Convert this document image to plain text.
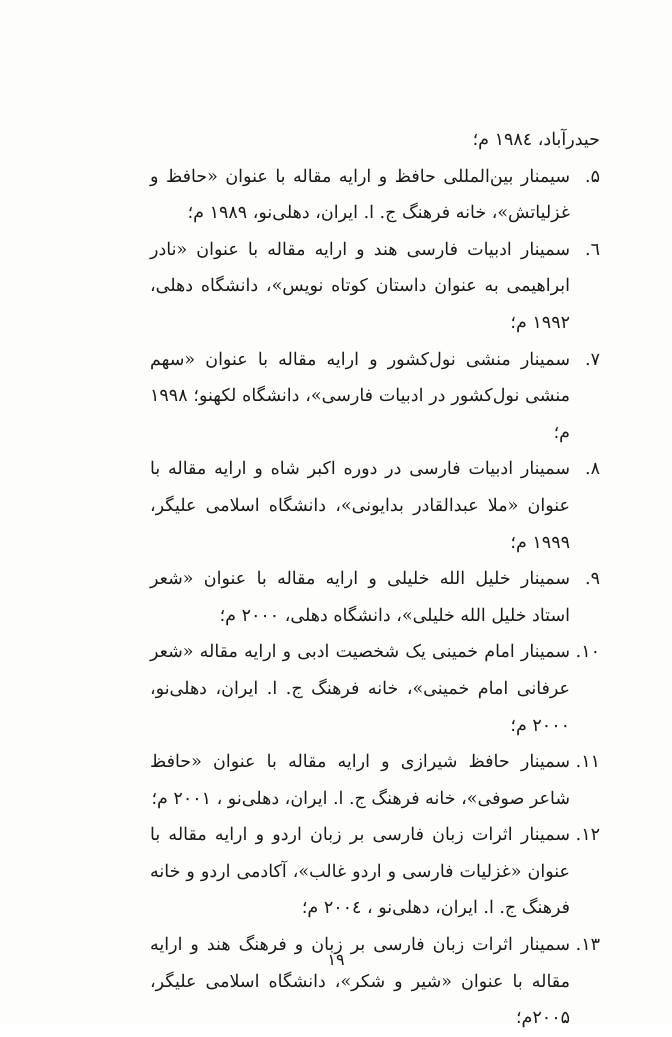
حیدرآباد، ۱۹۸٤ م؛

۵.

سیمنار بین‌المللی حافظ و ارایه مقاله با عنوان «حافظ و غزلیاتش»، خانه فرهنگ ج. ا. ایران، دهلی‌نو، ۱۹۸۹ م؛

٦.

سمینار ادبیات فارسی هند و ارایه مقاله با عنوان «نادر ابراهیمی به عنوان داستان کوتاه نویس»، دانشگاه دهلی، ۱۹۹۲ م؛

۷.

سمینار منشی نول‌کشور و ارایه مقاله با عنوان «سهم منشی نول‌کشور در ادبیات فارسی»، دانشگاه لکهنو؛ ۱۹۹۸ م؛

۸.

سمینار ادبیات فارسی در دوره اکبر شاه و ارایه مقاله با عنوان «ملا عبدالقادر بدایونی»، دانشگاه اسلامی علیگر، ۱۹۹۹ م؛

۹.

سمینار خلیل الله خلیلی و ارایه مقاله با عنوان «شعر استاد خلیل الله خلیلی»، دانشگاه دهلی، ۲۰۰۰ م؛

۱۰.

سمینار امام خمینی یک شخصیت ادبی و ارایه مقاله «شعر عرفانی امام خمینی»، خانه فرهنگ ج. ا. ایران، دهلی‌نو، ۲۰۰۰ م؛

۱۱.

سمینار حافظ شیرازی و ارایه مقاله با عنوان «حافظ شاعر صوفی»، خانه فرهنگ ج. ا. ایران، دهلی‌نو ، ۲۰۰۱ م؛

۱۲.

سمینار اثرات زبان فارسی بر زبان اردو و ارایه مقاله با عنوان «غزلیات فارسی و اردو غالب»، آکادمی اردو و خانه فرهنگ ج. ا. ایران، دهلی‌نو ، ۲۰۰٤ م؛

۱۳.

سمینار اثرات زبان فارسی بر زبان و فرهنگ هند و ارایه مقاله با عنوان «شیر و شکر»، دانشگاه اسلامی علیگر، ۲۰۰۵م؛

۱۹
